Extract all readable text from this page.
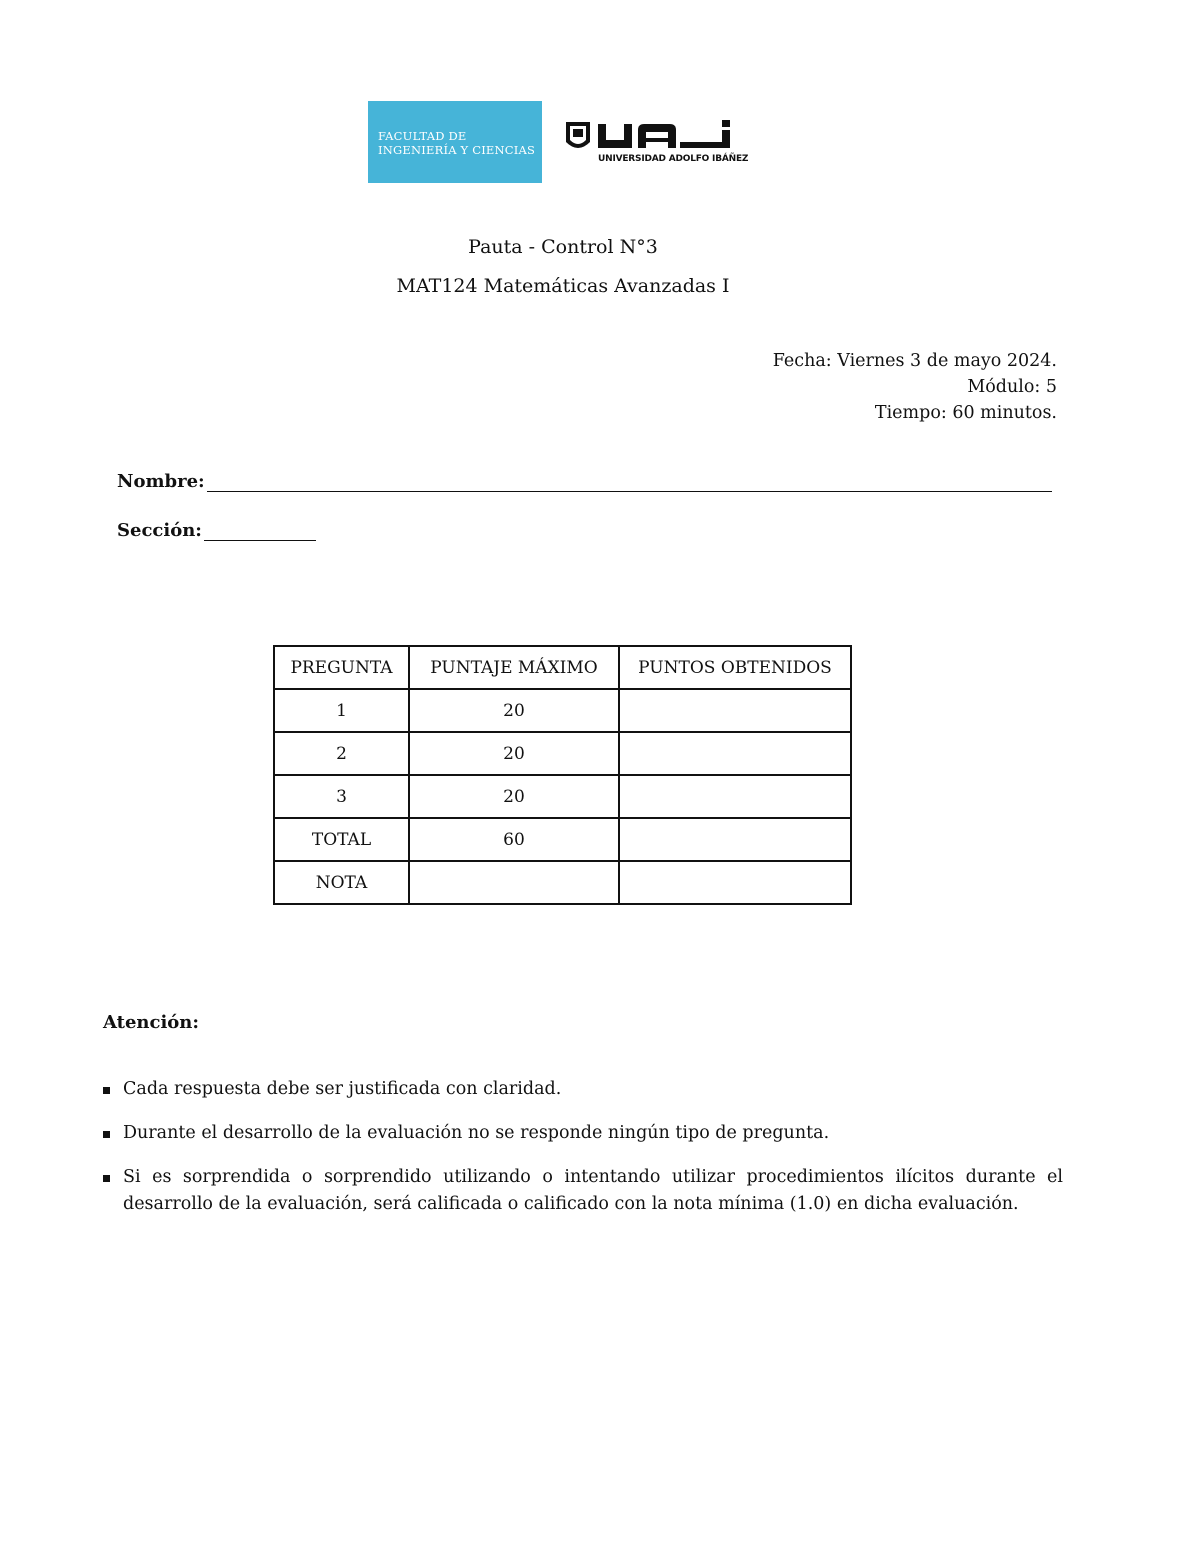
FACULTAD DE
INGENIERÍA Y CIENCIAS
UNIVERSIDAD ADOLFO IBÁÑEZ
Pauta - Control N°3
MAT124 Matemáticas Avanzadas I
Fecha: Viernes 3 de mayo 2024.
Módulo: 5
Tiempo: 60 minutos.
Nombre:
Sección:
PREGUNTA	PUNTAJE MÁXIMO	PUNTOS OBTENIDOS
1	20	
2	20	
3	20	
TOTAL	60	
NOTA		
Atención:
Cada respuesta debe ser justificada con claridad.
Durante el desarrollo de la evaluación no se responde ningún tipo de pregunta.
Si es sorprendida o sorprendido utilizando o intentando utilizar procedimientos ilícitos durante el desarrollo de la evaluación, será calificada o calificado con la nota mínima (1.0) en dicha evaluación.
